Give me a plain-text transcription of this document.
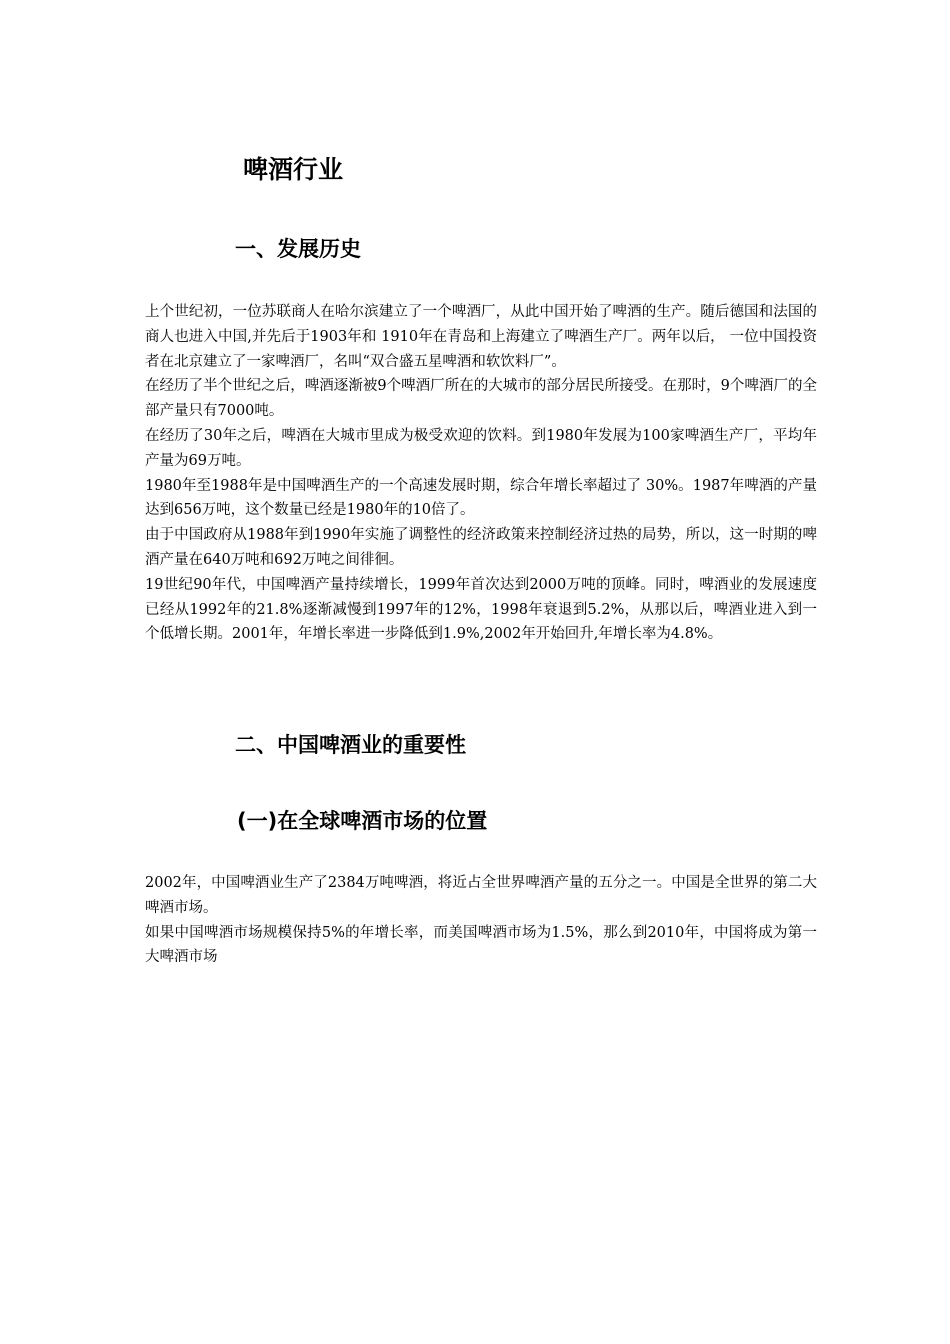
啤酒行业
一、发展历史

上个世纪初，一位苏联商人在哈尔滨建立了一个啤酒厂，从此中国开始了啤酒的生产。随后德国和法国的商人也进入中国,并先后于1903年和 1910年在青岛和上海建立了啤酒生产厂。两年以后， 一位中国投资者在北京建立了一家啤酒厂，名叫“双合盛五星啤酒和软饮料厂”。

在经历了半个世纪之后，啤酒逐渐被9个啤酒厂所在的大城市的部分居民所接受。在那时，9个啤酒厂的全部产量只有7000吨。

在经历了30年之后，啤酒在大城市里成为极受欢迎的饮料。到1980年发展为100家啤酒生产厂，平均年产量为69万吨。

1980年至1988年是中国啤酒生产的一个高速发展时期，综合年增长率超过了 30%。1987年啤酒的产量达到656万吨，这个数量已经是1980年的10倍了。

由于中国政府从1988年到1990年实施了调整性的经济政策来控制经济过热的局势，所以，这一时期的啤酒产量在640万吨和692万吨之间徘徊。

19世纪90年代，中国啤酒产量持续增长，1999年首次达到2000万吨的顶峰。同时，啤酒业的发展速度已经从1992年的21.8%逐渐减慢到1997年的12%，1998年衰退到5.2%，从那以后，啤酒业进入到一个低增长期。2001年，年增长率进一步降低到1.9%,2002年开始回升,年增长率为4.8%。

二、中国啤酒业的重要性
(一)在全球啤酒市场的位置

2002年，中国啤酒业生产了2384万吨啤酒，将近占全世界啤酒产量的五分之一。中国是全世界的第二大啤酒市场。

如果中国啤酒市场规模保持5%的年增长率，而美国啤酒市场为1.5%，那么到2010年，中国将成为第一大啤酒市场
